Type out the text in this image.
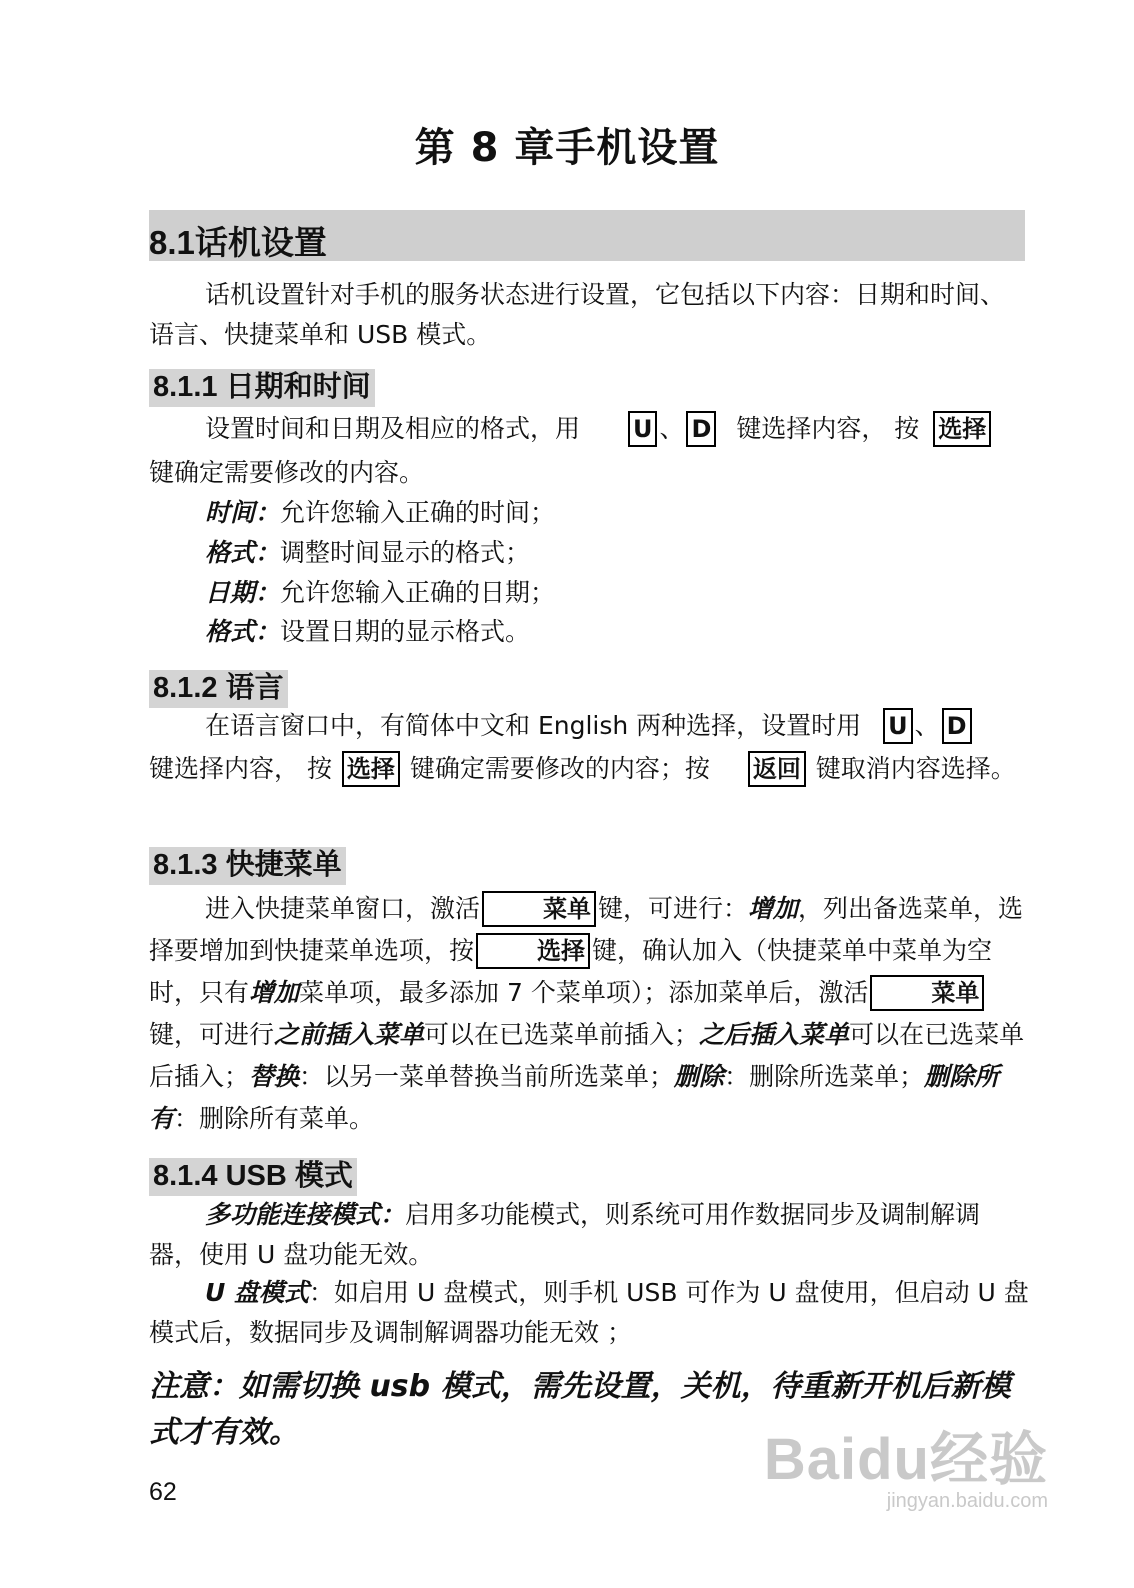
第 8 章手机设置
8.1话机设置

话机设置针对手机的服务状态进行设置，它包括以下内容：日期和时间、语言、快捷菜单和 USB 模式。

8.1.1 日期和时间
设置时间和日期及相应的格式，用 U 、 D 键选择内容， 按 选择
键确定需要修改的内容。
时间：允许您输入正确的时间；
格式：调整时间显示的格式；
日期：允许您输入正确的日期；
格式：设置日期的显示格式。
8.1.2 语言
在语言窗口中，有简体中文和 English 两种选择，设置时用 U 、 D
键选择内容， 按 选择 键确定需要修改的内容；按 返回 键取消内容选择。
8.1.3 快捷菜单

进入快捷菜单窗口，激活	菜单 键，可进行：增加，列出备选菜单，选择要增加到快捷菜单选项，按	选择 键，确认加入（快捷菜单中菜单为空时，只有增加菜单项，最多添加 7 个菜单项）；添加菜单后，激活	菜单键，可进行之前插入菜单可以在已选菜单前插入；之后插入菜单可以在已选菜单后插入；替换：以另一菜单替换当前所选菜单；删除：删除所选菜单；删除所有：删除所有菜单。

8.1.4 USB 模式

多功能连接模式：启用多功能模式，则系统可用作数据同步及调制解调器，使用 U 盘功能无效。

U 盘模式：如启用 U 盘模式，则手机 USB 可作为 U 盘使用，但启动 U 盘模式后，数据同步及调制解调器功能无效 ；

注意：如需切换 usb 模式，需先设置，关机，待重新开机后新模式才有效。

62	Baidu经验
jingyan.baidu.com
